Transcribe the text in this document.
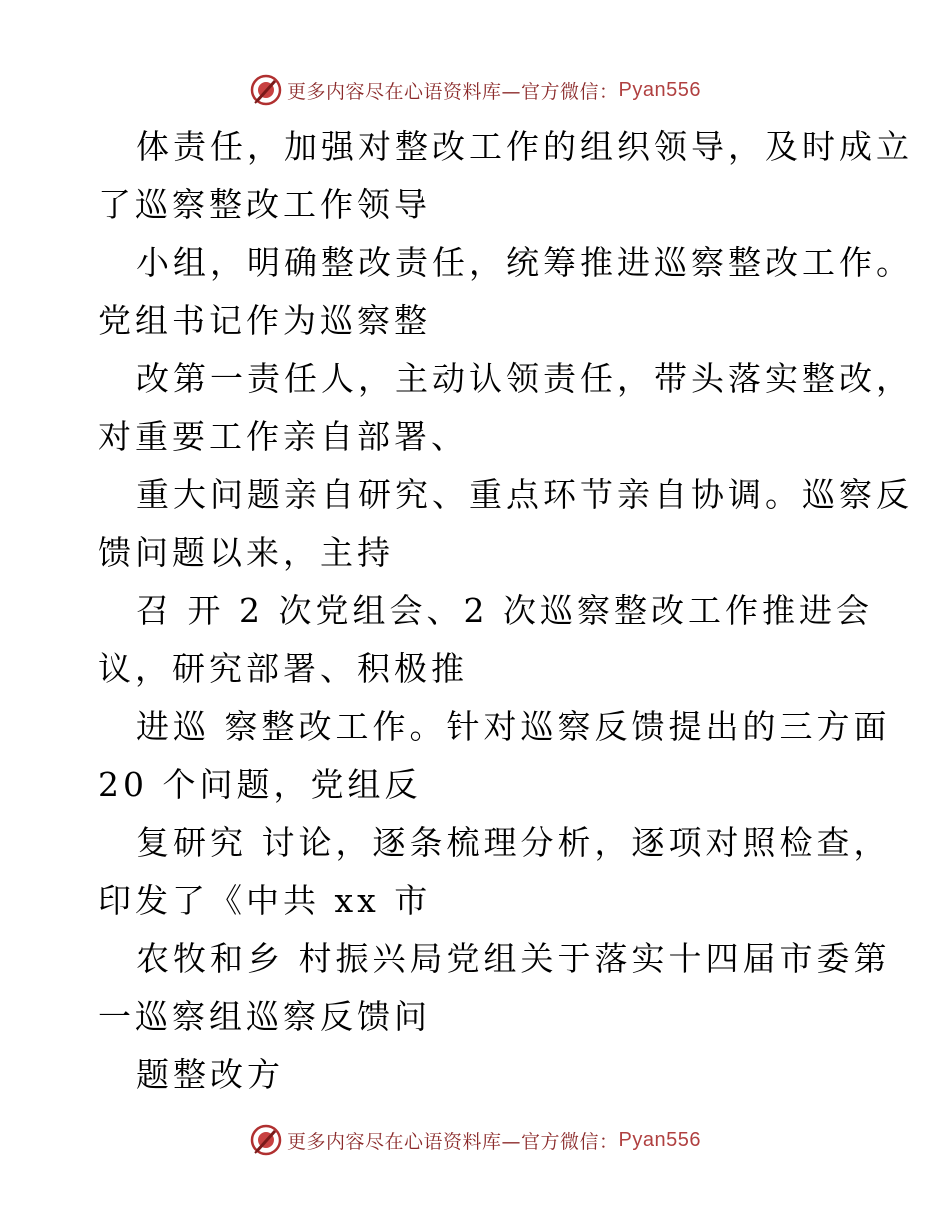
更多内容尽在心语资料库—官方微信： Pyan556
体责任，加强对整改工作的组织领导，及时成立
了巡察整改工作领导
小组，明确整改责任，统筹推进巡察整改工作。
党组书记作为巡察整
改第一责任人，主动认领责任，带头落实整改，
对重要工作亲自部署、
重大问题亲自研究、重点环节亲自协调。巡察反
馈问题以来，主持
召 开 2 次党组会、2 次巡察整改工作推进会
议，研究部署、积极推
进巡 察整改工作。针对巡察反馈提出的三方面
20 个问题，党组反
复研究 讨论，逐条梳理分析，逐项对照检查，
印发了《中共 xx 市
农牧和乡 村振兴局党组关于落实十四届市委第
一巡察组巡察反馈问
题整改方
更多内容尽在心语资料库—官方微信： Pyan556
